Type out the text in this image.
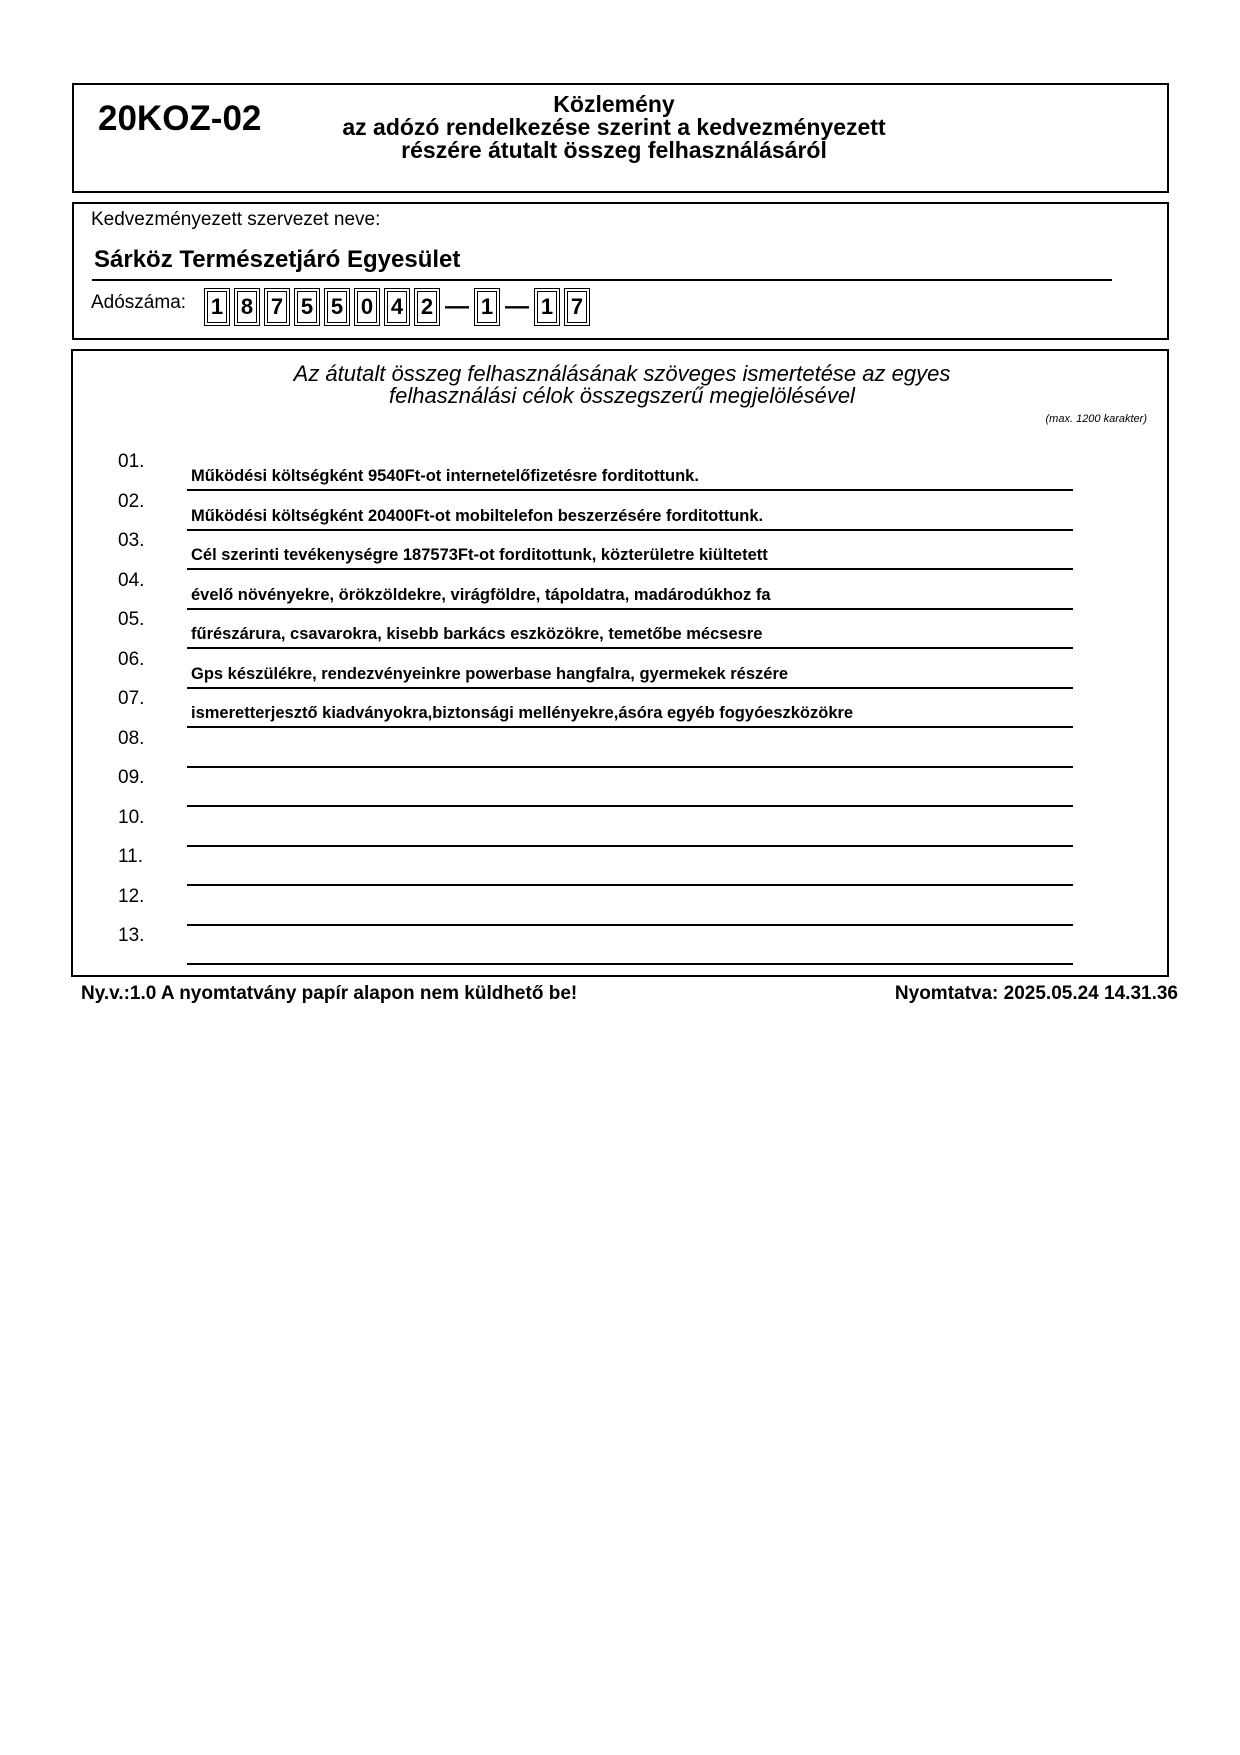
20KOZ-02	Közlemény
az adózó rendelkezése szerint a kedvezményezett
részére átutalt összeg felhasználásáról
Kedvezményezett szervezet neve:
Sárköz Természetjáró Egyesület
Adószáma: 1 8 7 5 5 0 4 2 — 1 — 1 7
Az átutalt összeg felhasználásának szöveges ismertetése az egyes
felhasználási célok összegszerű megjelölésével
(max. 1200 karakter)
01.
Működési költségként 9540Ft-ot internetelőfizetésre forditottunk.
02.
Működési költségként 20400Ft-ot mobiltelefon beszerzésére forditottunk.
03.
Cél szerinti tevékenységre 187573Ft-ot forditottunk, közterületre kiültetett
04.
évelő növényekre, örökzöldekre, virágföldre, tápoldatra, madárodúkhoz fa
05.
fűrészárura, csavarokra, kisebb barkács eszközökre, temetőbe mécsesre
06.
Gps készülékre, rendezvényeinkre powerbase hangfalra, gyermekek részére
07.
ismeretterjesztő kiadványokra,biztonsági mellényekre,ásóra egyéb fogyóeszközökre
08.
09.
10.
11.
12.
13.
Ny.v.:1.0 A nyomtatvány papír alapon nem küldhető be!	Nyomtatva: 2025.05.24 14.31.36
